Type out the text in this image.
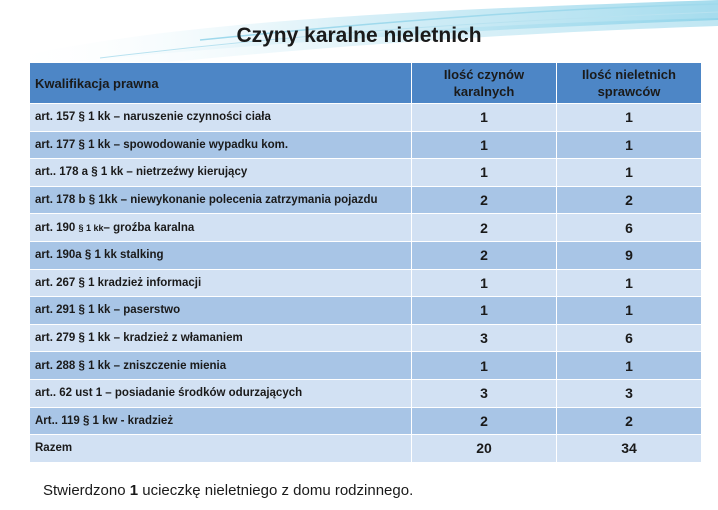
Czyny karalne nieletnich
Kwalifikacja prawna	Ilość czynów karalnych	Ilość nieletnich sprawców
art. 157 § 1 kk – naruszenie czynności ciała	1	1
art. 177 § 1 kk – spowodowanie wypadku kom.	1	1
art.. 178 a § 1 kk – nietrzeźwy kierujący	1	1
art. 178 b § 1kk – niewykonanie polecenia zatrzymania pojazdu	2	2
art. 190 § 1 kk– groźba karalna	2	6
art. 190a § 1 kk stalking	2	9
art. 267 § 1 kradzież informacji	1	1
art. 291 § 1 kk – paserstwo	1	1
art. 279 § 1 kk – kradzież z włamaniem	3	6
art. 288 § 1 kk – zniszczenie mienia	1	1
art.. 62 ust 1 – posiadanie środków odurzających	3	3
Art.. 119 § 1 kw - kradzież	2	2
Razem	20	34
Stwierdzono 1 ucieczkę nieletniego z domu rodzinnego.
